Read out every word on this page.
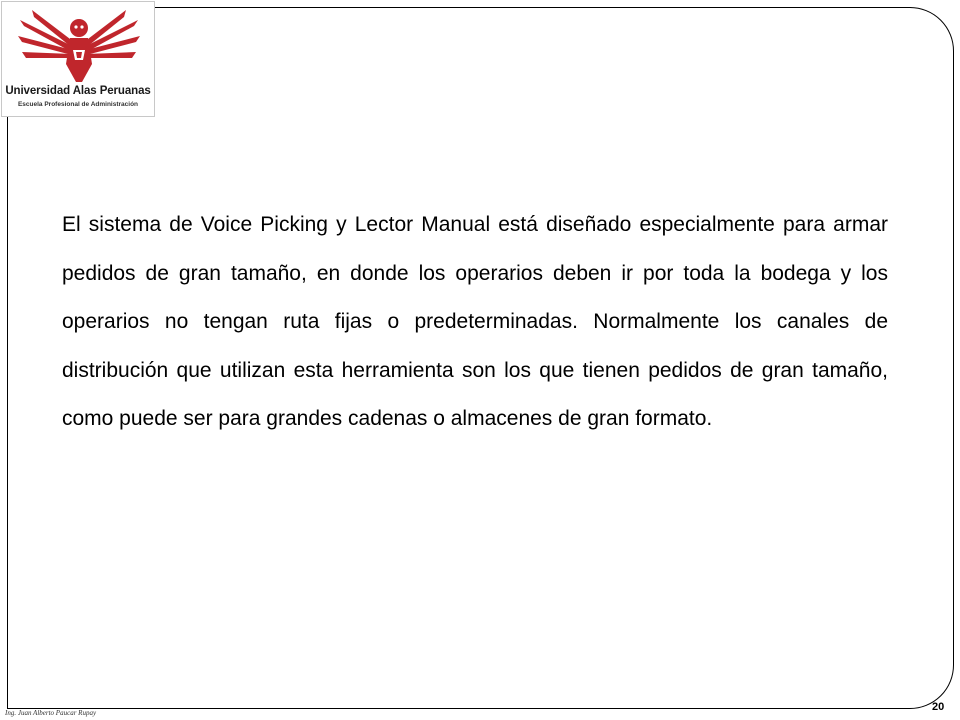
Universidad Alas Peruanas
Escuela Profesional de Administración

El sistema de Voice Picking y Lector Manual está diseñado especialmente para armar pedidos de gran tamaño, en donde los operarios deben ir por toda la bodega y los operarios no tengan ruta fijas o predeterminadas. Normalmente los canales de distribución que utilizan esta herramienta son los que tienen pedidos de gran tamaño, como puede ser para grandes cadenas o almacenes de gran formato.

Ing. Juan Alberto Paucar Rupay	20
